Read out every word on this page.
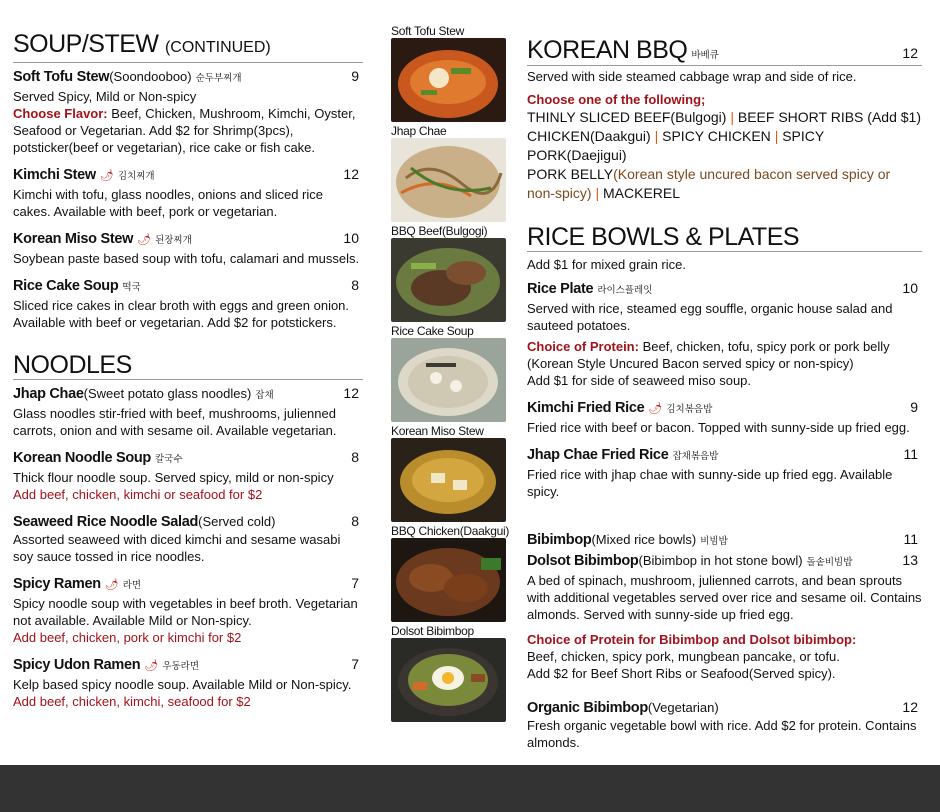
SOUP/STEW (CONTINUED)
Soft Tofu Stew(Soondooboo) 순두부찌개	9

Served Spicy, Mild or Non-spicy

Choose Flavor: Beef, Chicken, Mushroom, Kimchi, Oyster, Seafood or Vegetarian. Add $2 for Shrimp(3pcs), potsticker(beef or vegetarian), rice cake or fish cake.

Kimchi Stew 🌶 김치찌개	12

Kimchi with tofu, glass noodles, onions and sliced rice cakes. Available with beef, pork or vegetarian.

Korean Miso Stew 🌶 된장찌개	10

Soybean paste based soup with tofu, calamari and mussels.

Rice Cake Soup 떡국	8

Sliced rice cakes in clear broth with eggs and green onion. Available with beef or vegetarian. Add $2 for potstickers.

NOODLES
Jhap Chae(Sweet potato glass noodles) 잡채	12

Glass noodles stir-fried with beef, mushrooms, julienned carrots, onion and with sesame oil. Available vegetarian.

Korean Noodle Soup 칼국수	8

Thick flour noodle soup. Served spicy, mild or non-spicy

Add beef, chicken, kimchi or seafood for $2

Seaweed Rice Noodle Salad(Served cold)	8

Assorted seaweed with diced kimchi and sesame wasabi soy sauce tossed in rice noodles.

Spicy Ramen 🌶 라면	7

Spicy noodle soup with vegetables in beef broth. Vegetarian not available. Available Mild or Non-spicy.

Add beef, chicken, pork or kimchi for $2

Spicy Udon Ramen 🌶 우동라면	7

Kelp based spicy noodle soup. Available Mild or Non-spicy.

Add beef, chicken, kimchi, seafood for $2

Soft Tofu Stew
Jhap Chae
BBQ Beef(Bulgogi)
Rice Cake Soup
Korean Miso Stew
BBQ Chicken(Daakgui)
Dolsot Bibimbop
KOREAN BBQ 바베큐	12

Served with side steamed cabbage wrap and side of rice.

Choose one of the following;

THINLY SLICED BEEF(Bulgogi) | BEEF SHORT RIBS (Add $1)
CHICKEN(Daakgui) | SPICY CHICKEN | SPICY PORK(Daejigui)
PORK BELLY(Korean style uncured bacon served spicy or non-spicy) | MACKEREL

RICE BOWLS & PLATES

Add $1 for mixed grain rice.

Rice Plate 라이스플레잇	10

Served with rice, steamed egg souffle, organic house salad and sauteed potatoes.

Choice of Protein: Beef, chicken, tofu, spicy pork or pork belly (Korean Style Uncured Bacon served spicy or non-spicy)

Add $1 for side of seaweed miso soup.

Kimchi Fried Rice 🌶 김치볶음밥	9

Fried rice with beef or bacon. Topped with sunny-side up fried egg.

Jhap Chae Fried Rice 잡채볶음밥	11

Fried rice with jhap chae with sunny-side up fried egg. Available spicy.

Bibimbop(Mixed rice bowls) 비빔밥	11
Dolsot Bibimbop(Bibimbop in hot stone bowl) 돌솥비빔밥	13

A bed of spinach, mushroom, julienned carrots, and bean sprouts with additional vegetables served over rice and sesame oil. Contains almonds. Served with sunny-side up fried egg.

Choice of Protein for Bibimbop and Dolsot bibimbop:

Beef, chicken, spicy pork, mungbean pancake, or tofu.

Add $2 for Beef Short Ribs or Seafood(Served spicy).

Organic Bibimbop(Vegetarian)	12

Fresh organic vegetable bowl with rice. Add $2 for protein. Contains almonds.
